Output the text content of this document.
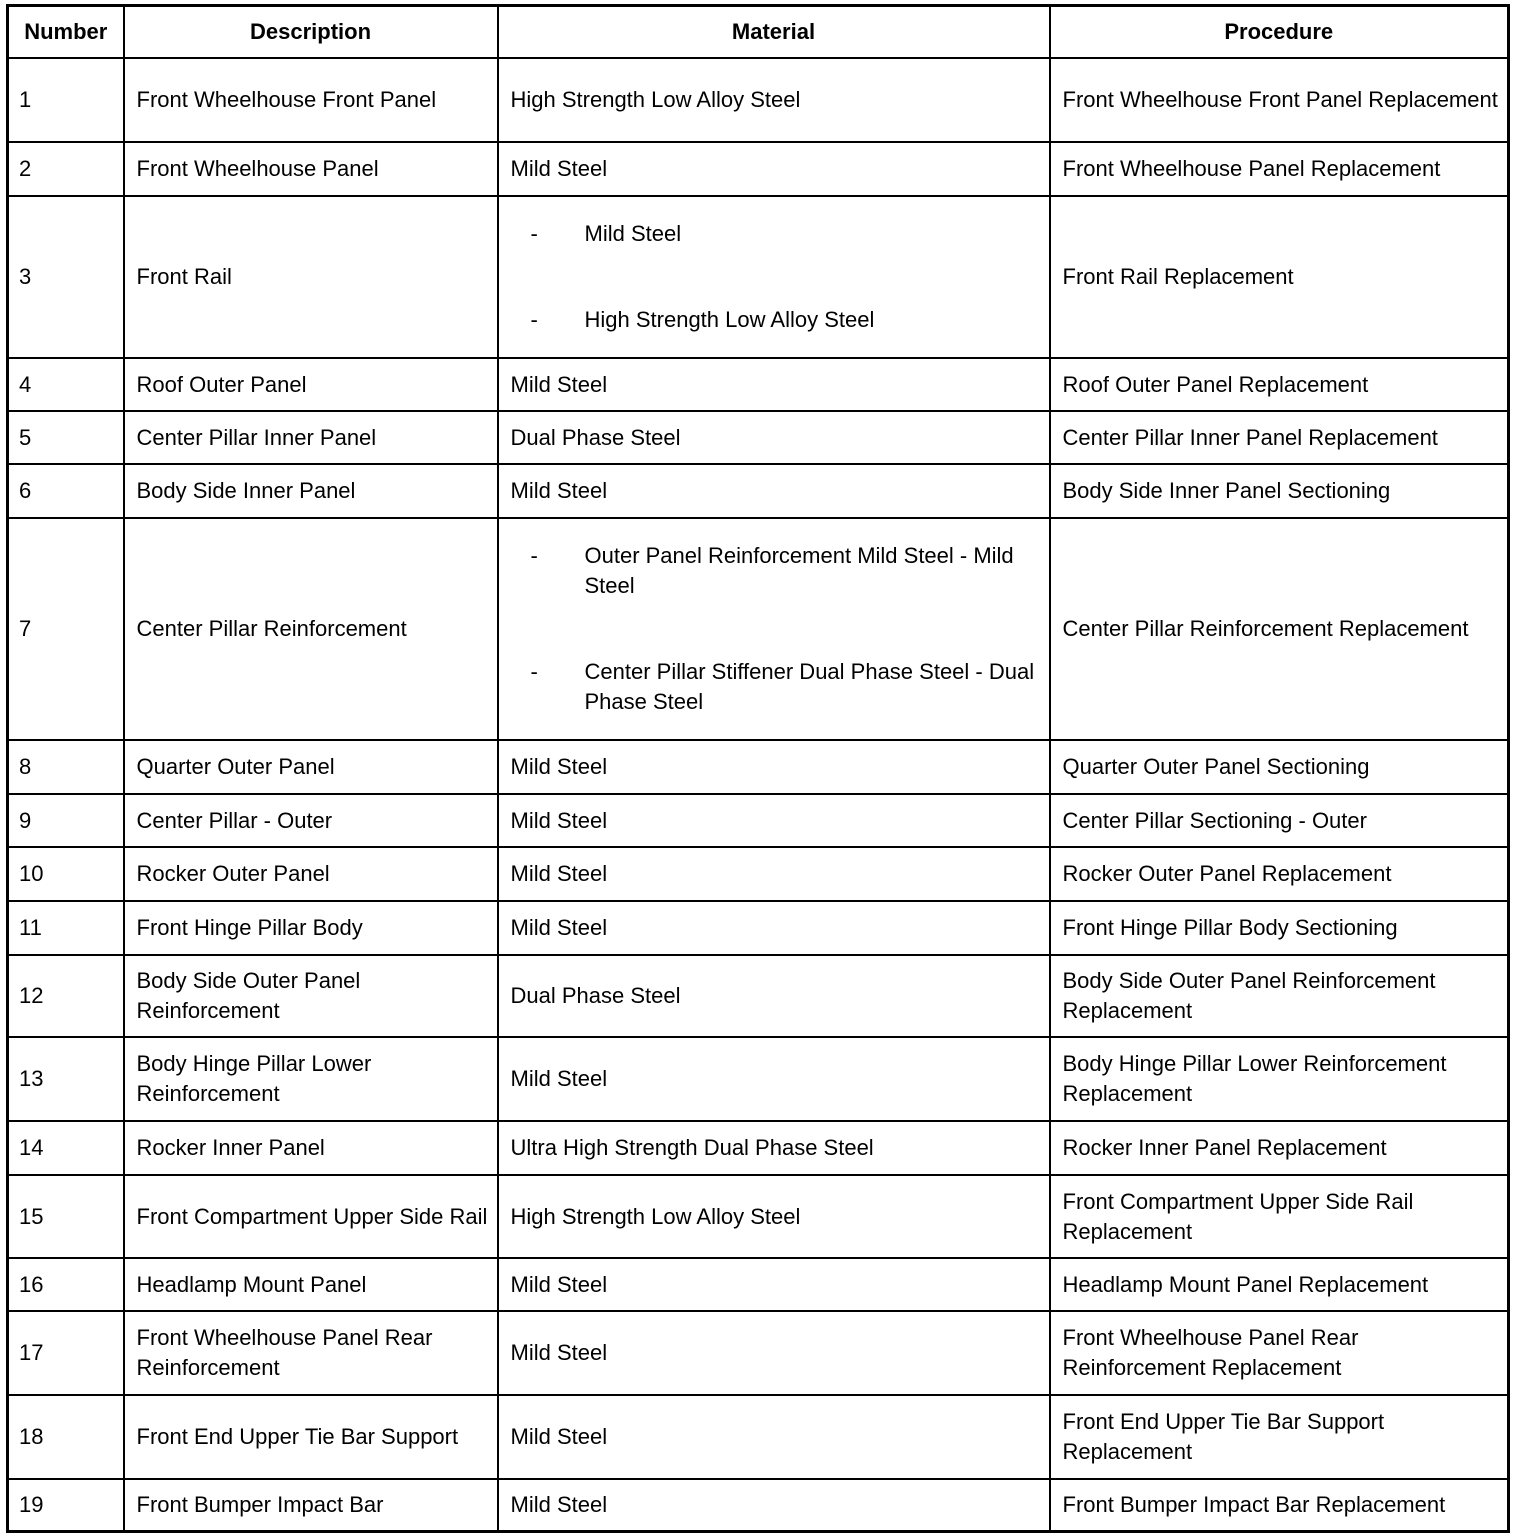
Number	Description	Material	Procedure
1	Front Wheelhouse Front Panel	High Strength Low Alloy Steel	Front Wheelhouse Front Panel Replacement
2	Front Wheelhouse Panel	Mild Steel	Front Wheelhouse Panel Replacement
3	Front Rail	- Mild Steel
- High Strength Low Alloy Steel	Front Rail Replacement
4	Roof Outer Panel	Mild Steel	Roof Outer Panel Replacement
5	Center Pillar Inner Panel	Dual Phase Steel	Center Pillar Inner Panel Replacement
6	Body Side Inner Panel	Mild Steel	Body Side Inner Panel Sectioning
7	Center Pillar Reinforcement	- Outer Panel Reinforcement Mild Steel - Mild Steel
- Center Pillar Stiffener Dual Phase Steel - Dual Phase Steel	Center Pillar Reinforcement Replacement
8	Quarter Outer Panel	Mild Steel	Quarter Outer Panel Sectioning
9	Center Pillar - Outer	Mild Steel	Center Pillar Sectioning - Outer
10	Rocker Outer Panel	Mild Steel	Rocker Outer Panel Replacement
11	Front Hinge Pillar Body	Mild Steel	Front Hinge Pillar Body Sectioning
12	Body Side Outer Panel Reinforcement	Dual Phase Steel	Body Side Outer Panel Reinforcement Replacement
13	Body Hinge Pillar Lower Reinforcement	Mild Steel	Body Hinge Pillar Lower Reinforcement Replacement
14	Rocker Inner Panel	Ultra High Strength Dual Phase Steel	Rocker Inner Panel Replacement
15	Front Compartment Upper Side Rail	High Strength Low Alloy Steel	Front Compartment Upper Side Rail Replacement
16	Headlamp Mount Panel	Mild Steel	Headlamp Mount Panel Replacement
17	Front Wheelhouse Panel Rear Reinforcement	Mild Steel	Front Wheelhouse Panel Rear Reinforcement Replacement
18	Front End Upper Tie Bar Support	Mild Steel	Front End Upper Tie Bar Support Replacement
19	Front Bumper Impact Bar	Mild Steel	Front Bumper Impact Bar Replacement
